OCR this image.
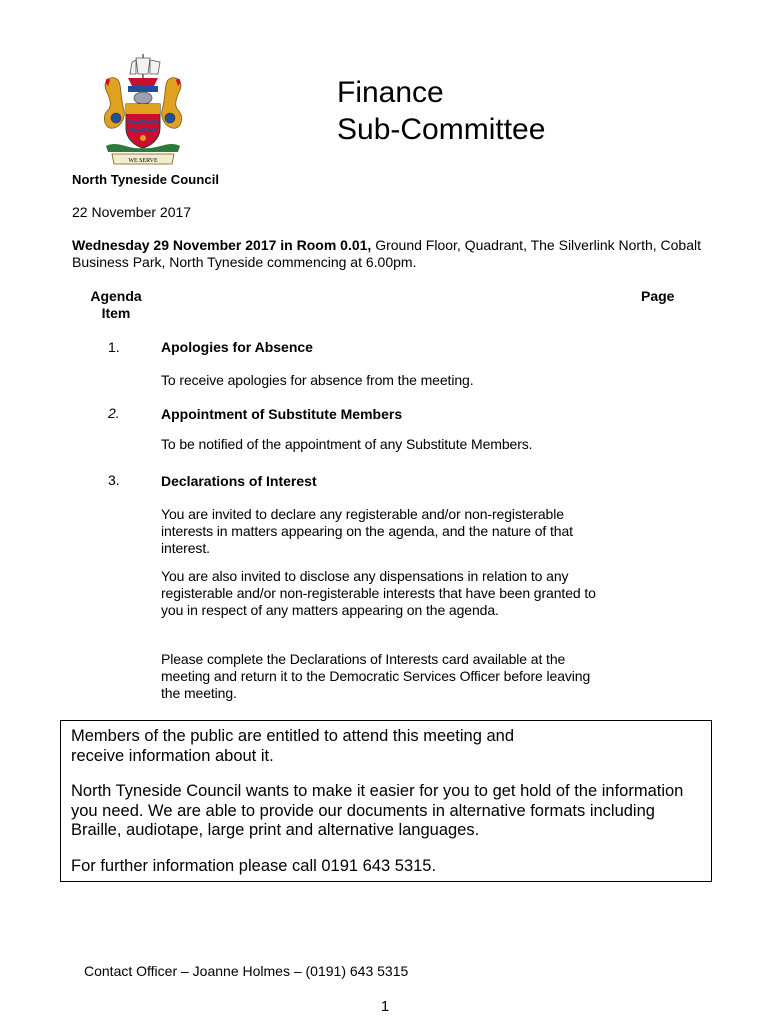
WE SERVE
North Tyneside Council
Finance
Sub-Committee
22 November 2017
Wednesday 29 November 2017 in Room 0.01, Ground Floor, Quadrant, The Silverlink North, Cobalt Business Park, North Tyneside commencing at 6.00pm.
Agenda Item
Page
1.	Apologies for Absence
To receive apologies for absence from the meeting.
2.	Appointment of Substitute Members
To be notified of the appointment of any Substitute Members.
3.	Declarations of Interest
You are invited to declare any registerable and/or non-registerable interests in matters appearing on the agenda, and the nature of that interest.
You are also invited to disclose any dispensations in relation to any registerable and/or non-registerable interests that have been granted to you in respect of any matters appearing on the agenda.
Please complete the Declarations of Interests card available at the meeting and return it to the Democratic Services Officer before leaving the meeting.

Members of the public are entitled to attend this meeting and receive information about it.

North Tyneside Council wants to make it easier for you to get hold of the information you need. We are able to provide our documents in alternative formats including Braille, audiotape, large print and alternative languages.

For further information please call 0191 643 5315.

Contact Officer – Joanne Holmes – (0191) 643 5315
1
